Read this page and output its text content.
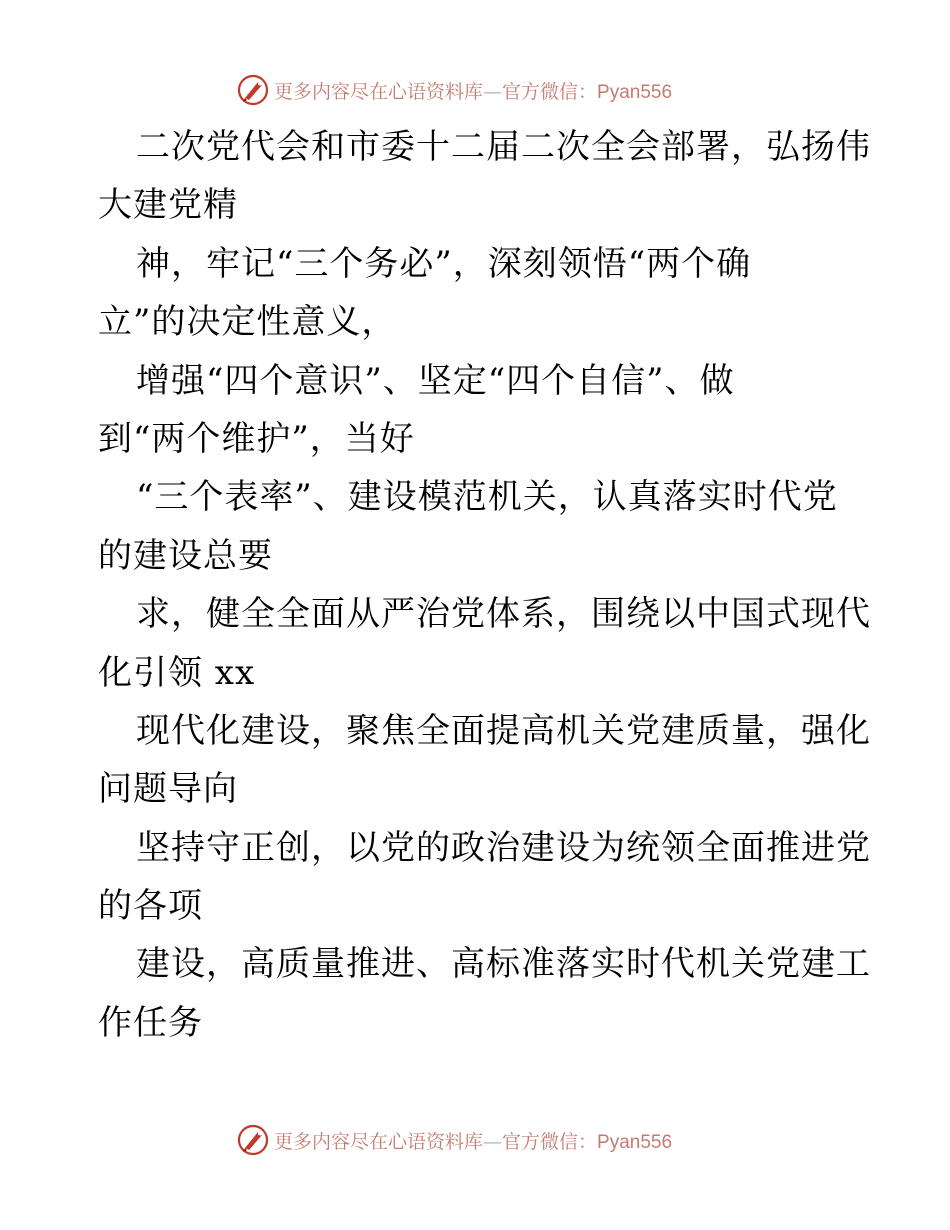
更多内容尽在心语资料库—官方微信：Pyan556
二次党代会和市委十二届二次全会部署，弘扬伟
大建党精
神，牢记“三个务必”，深刻领悟“两个确
立”的决定性意义，
增强“四个意识”、坚定“四个自信”、做
到“两个维护”，当好
“三个表率”、建设模范机关，认真落实时代党
的建设总要
求，健全全面从严治党体系，围绕以中国式现代
化引领 xx
现代化建设，聚焦全面提高机关党建质量，强化
问题导向
坚持守正创，以党的政治建设为统领全面推进党
的各项
建设，高质量推进、高标准落实时代机关党建工
作任务
更多内容尽在心语资料库—官方微信：Pyan556
